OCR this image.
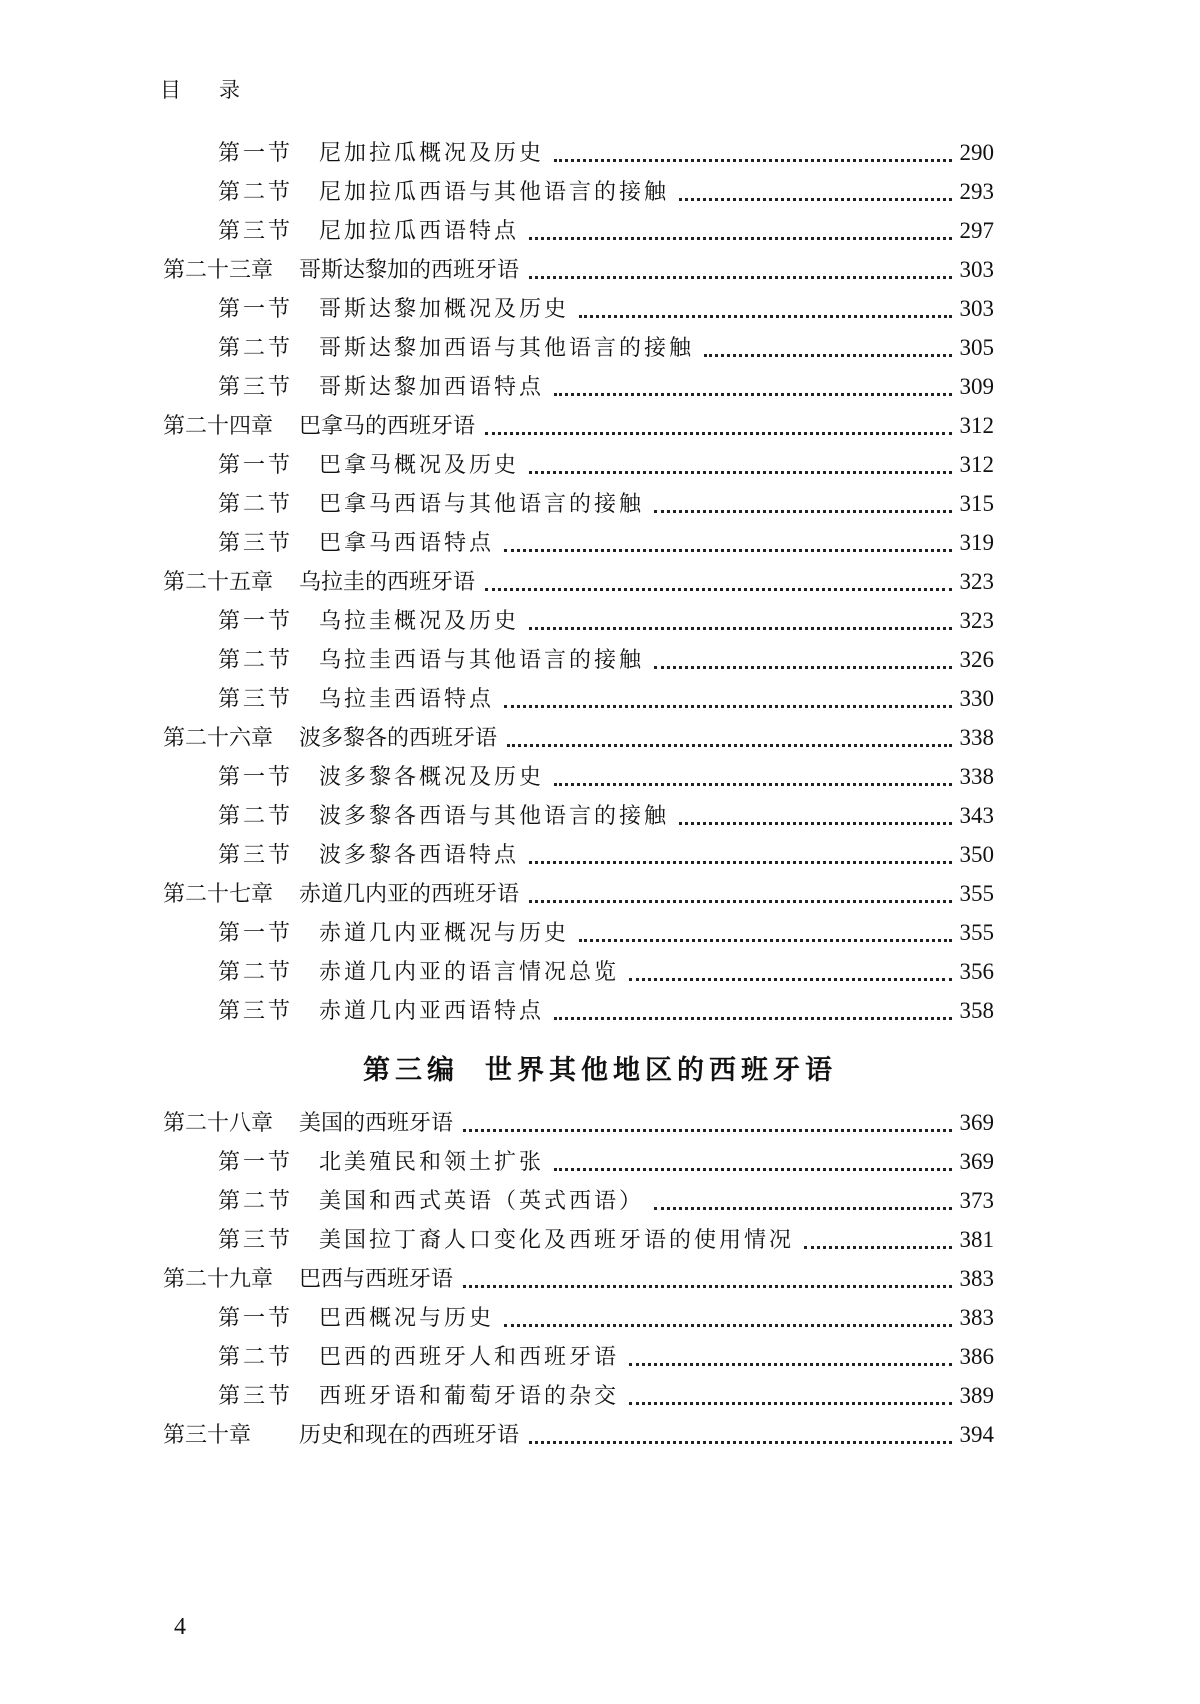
目 录
第一节	尼加拉瓜概况及历史	290
第二节	尼加拉瓜西语与其他语言的接触	293
第三节	尼加拉瓜西语特点	297
第二十三章	哥斯达黎加的西班牙语	303
第一节	哥斯达黎加概况及历史	303
第二节	哥斯达黎加西语与其他语言的接触	305
第三节	哥斯达黎加西语特点	309
第二十四章	巴拿马的西班牙语	312
第一节	巴拿马概况及历史	312
第二节	巴拿马西语与其他语言的接触	315
第三节	巴拿马西语特点	319
第二十五章	乌拉圭的西班牙语	323
第一节	乌拉圭概况及历史	323
第二节	乌拉圭西语与其他语言的接触	326
第三节	乌拉圭西语特点	330
第二十六章	波多黎各的西班牙语	338
第一节	波多黎各概况及历史	338
第二节	波多黎各西语与其他语言的接触	343
第三节	波多黎各西语特点	350
第二十七章	赤道几内亚的西班牙语	355
第一节	赤道几内亚概况与历史	355
第二节	赤道几内亚的语言情况总览	356
第三节	赤道几内亚西语特点	358
第三编 世界其他地区的西班牙语
第二十八章	美国的西班牙语	369
第一节	北美殖民和领土扩张	369
第二节	美国和西式英语（英式西语）	373
第三节	美国拉丁裔人口变化及西班牙语的使用情况	381
第二十九章	巴西与西班牙语	383
第一节	巴西概况与历史	383
第二节	巴西的西班牙人和西班牙语	386
第三节	西班牙语和葡萄牙语的杂交	389
第三十章	历史和现在的西班牙语	394
4
